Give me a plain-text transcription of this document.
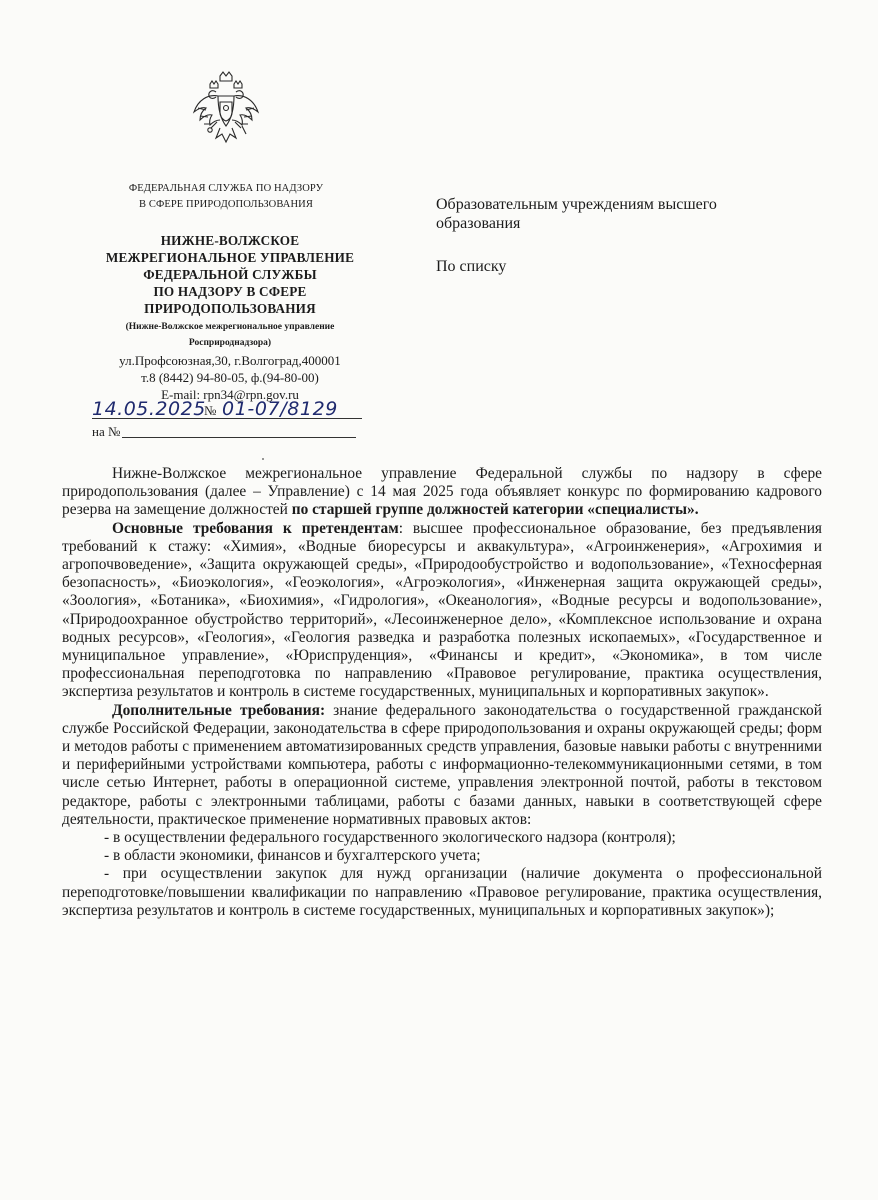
ФЕДЕРАЛЬНАЯ СЛУЖБА ПО НАДЗОРУ
В СФЕРЕ ПРИРОДОПОЛЬЗОВАНИЯ
НИЖНЕ-ВОЛЖСКОЕ
МЕЖРЕГИОНАЛЬНОЕ УПРАВЛЕНИЕ
ФЕДЕРАЛЬНОЙ СЛУЖБЫ
ПО НАДЗОРУ В СФЕРЕ
ПРИРОДОПОЛЬЗОВАНИЯ
(Нижне-Волжское межрегиональное управление
Росприроднадзора)
ул.Профсоюзная,30, г.Волгоград,400001
т.8 (8442) 94-80-05, ф.(94-80-00)
E-mail: rpn34@rpn.gov.ru
14.05.2025
№ 01-07/8129
на №
Образовательным учреждениям высшего
образования
По списку

Нижне-Волжское межрегиональное управление Федеральной службы по надзору в сфере природопользования (далее – Управление) с 14 мая 2025 года объявляет конкурс по формированию кадрового резерва на замещение должностей по старшей группе должностей категории «специалисты».

Основные требования к претендентам: высшее профессиональное образование, без предъявления требований к стажу: «Химия», «Водные биоресурсы и аквакультура», «Агроинженерия», «Агрохимия и агропочвоведение», «Защита окружающей среды», «Природообустройство и водопользование», «Техносферная безопасность», «Биоэкология», «Геоэкология», «Агроэкология», «Инженерная защита окружающей среды», «Зоология», «Ботаника», «Биохимия», «Гидрология», «Океанология», «Водные ресурсы и водопользование», «Природоохранное обустройство территорий», «Лесоинженерное дело», «Комплексное использование и охрана водных ресурсов», «Геология», «Геология разведка и разработка полезных ископаемых», «Государственное и муниципальное управление», «Юриспруденция», «Финансы и кредит», «Экономика», в том числе профессиональная переподготовка по направлению «Правовое регулирование, практика осуществления, экспертиза результатов и контроль в системе государственных, муниципальных и корпоративных закупок».

Дополнительные требования: знание федерального законодательства о государственной гражданской службе Российской Федерации, законодательства в сфере природопользования и охраны окружающей среды; форм и методов работы с применением автоматизированных средств управления, базовые навыки работы с внутренними и периферийными устройствами компьютера, работы с информационно-телекоммуникационными сетями, в том числе сетью Интернет, работы в операционной системе, управления электронной почтой, работы в текстовом редакторе, работы с электронными таблицами, работы с базами данных, навыки в соответствующей сфере деятельности, практическое применение нормативных правовых актов:

- в осуществлении федерального государственного экологического надзора (контроля);

- в области экономики, финансов и бухгалтерского учета;

- при осуществлении закупок для нужд организации (наличие документа о профессиональной переподготовке/повышении квалификации по направлению «Правовое регулирование, практика осуществления, экспертиза результатов и контроль в системе государственных, муниципальных и корпоративных закупок»);
